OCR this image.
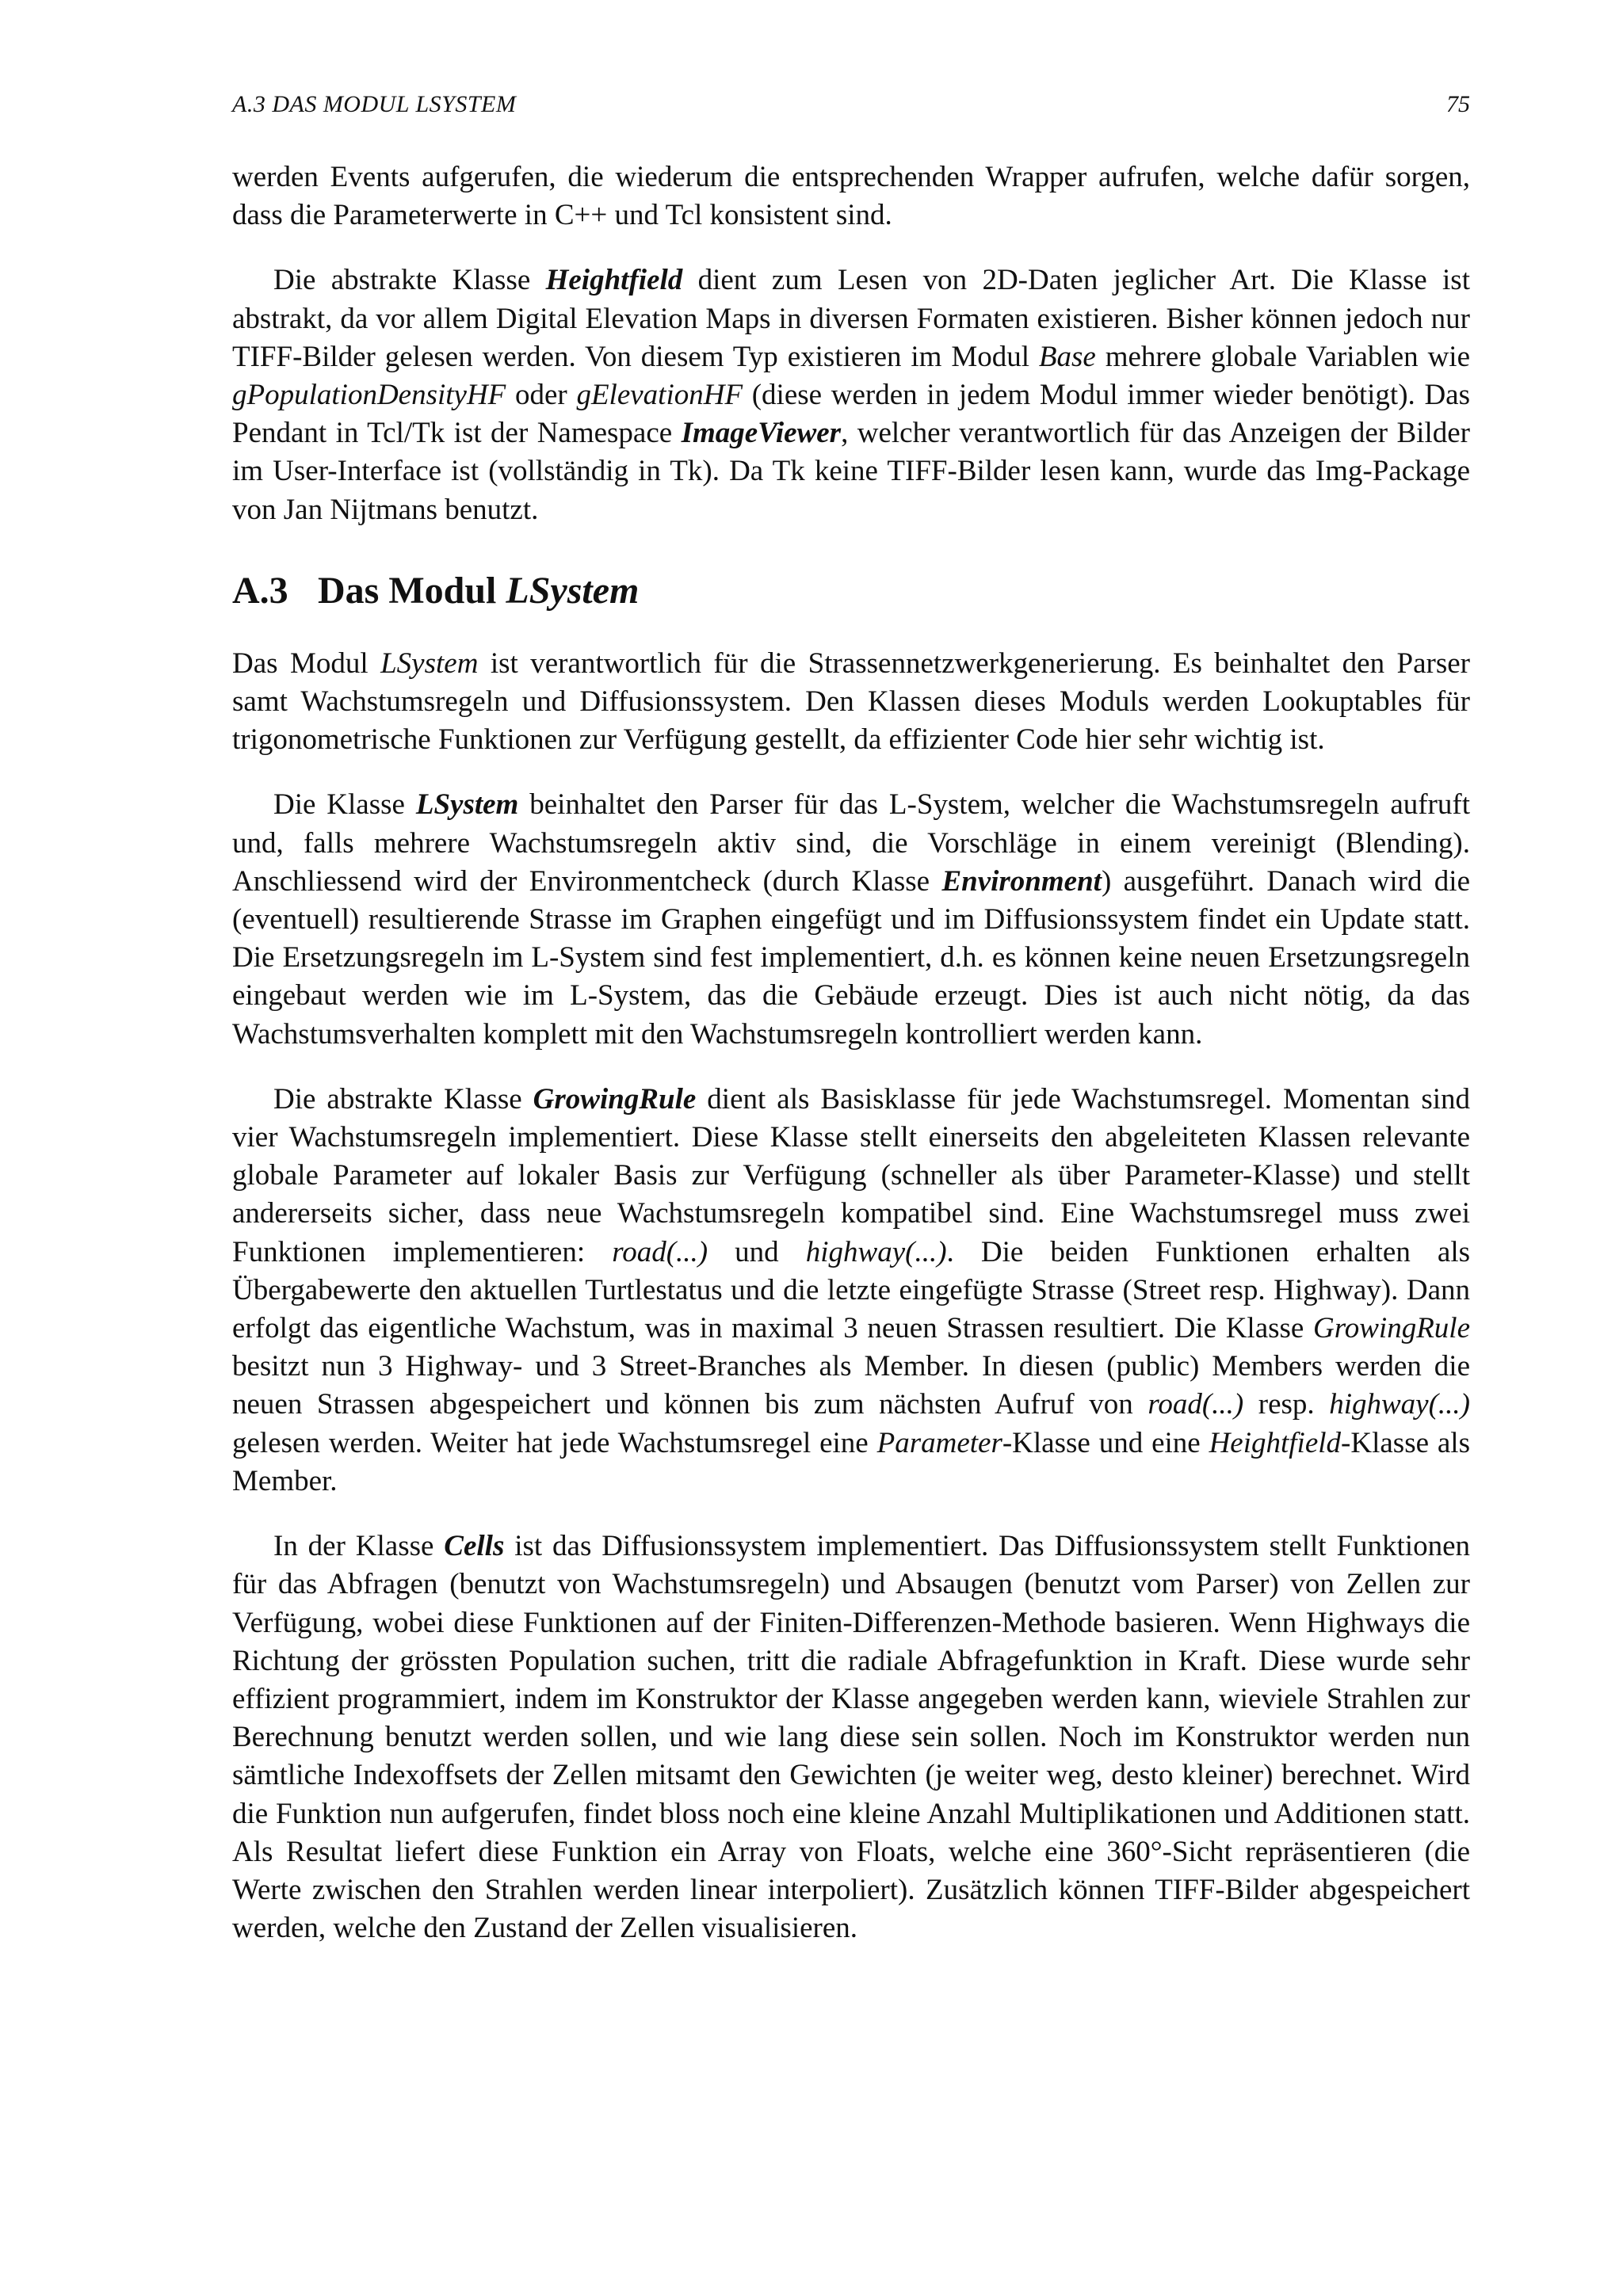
A.3 DAS MODUL LSYSTEM	75

werden Events aufgerufen, die wiederum die entsprechenden Wrapper aufrufen, welche dafür sorgen, dass die Parameterwerte in C++ und Tcl konsistent sind.

Die abstrakte Klasse Heightfield dient zum Lesen von 2D-Daten jeglicher Art. Die Klasse ist abstrakt, da vor allem Digital Elevation Maps in diversen Formaten existieren. Bisher können jedoch nur TIFF-Bilder gelesen werden. Von diesem Typ existieren im Modul Base mehrere globale Variablen wie gPopulationDensityHF oder gElevationHF (diese werden in jedem Modul immer wieder benötigt). Das Pendant in Tcl/Tk ist der Namespace ImageViewer, welcher verantwortlich für das Anzeigen der Bilder im User-Interface ist (vollständig in Tk). Da Tk keine TIFF-Bilder lesen kann, wurde das Img-Package von Jan Nijtmans benutzt.

A.3 Das Modul LSystem

Das Modul LSystem ist verantwortlich für die Strassennetzwerkgenerierung. Es beinhaltet den Parser samt Wachstumsregeln und Diffusionssystem. Den Klassen dieses Moduls werden Lookuptables für trigonometrische Funktionen zur Verfügung gestellt, da effizienter Code hier sehr wichtig ist.

Die Klasse LSystem beinhaltet den Parser für das L-System, welcher die Wachstumsregeln aufruft und, falls mehrere Wachstumsregeln aktiv sind, die Vorschläge in einem vereinigt (Blending). Anschliessend wird der Environmentcheck (durch Klasse Environment) ausgeführt. Danach wird die (eventuell) resultierende Strasse im Graphen eingefügt und im Diffusionssystem findet ein Update statt. Die Ersetzungsregeln im L-System sind fest implementiert, d.h. es können keine neuen Ersetzungsregeln eingebaut werden wie im L-System, das die Gebäude erzeugt. Dies ist auch nicht nötig, da das Wachstumsverhalten komplett mit den Wachstumsregeln kontrolliert werden kann.

Die abstrakte Klasse GrowingRule dient als Basisklasse für jede Wachstumsregel. Momentan sind vier Wachstumsregeln implementiert. Diese Klasse stellt einerseits den abgeleiteten Klassen relevante globale Parameter auf lokaler Basis zur Verfügung (schneller als über Parameter-Klasse) und stellt andererseits sicher, dass neue Wachstumsregeln kompatibel sind. Eine Wachstumsregel muss zwei Funktionen implementieren: road(...) und highway(...). Die beiden Funktionen erhalten als Übergabewerte den aktuellen Turtlestatus und die letzte eingefügte Strasse (Street resp. Highway). Dann erfolgt das eigentliche Wachstum, was in maximal 3 neuen Strassen resultiert. Die Klasse GrowingRule besitzt nun 3 Highway- und 3 Street-Branches als Member. In diesen (public) Members werden die neuen Strassen abgespeichert und können bis zum nächsten Aufruf von road(...) resp. highway(...) gelesen werden. Weiter hat jede Wachstumsregel eine Parameter-Klasse und eine Heightfield-Klasse als Member.

In der Klasse Cells ist das Diffusionssystem implementiert. Das Diffusionssystem stellt Funktionen für das Abfragen (benutzt von Wachstumsregeln) und Absaugen (benutzt vom Parser) von Zellen zur Verfügung, wobei diese Funktionen auf der Finiten-Differenzen-Methode basieren. Wenn Highways die Richtung der grössten Population suchen, tritt die radiale Abfragefunktion in Kraft. Diese wurde sehr effizient programmiert, indem im Konstruktor der Klasse angegeben werden kann, wieviele Strahlen zur Berechnung benutzt werden sollen, und wie lang diese sein sollen. Noch im Konstruktor werden nun sämtliche Indexoffsets der Zellen mitsamt den Gewichten (je weiter weg, desto kleiner) berechnet. Wird die Funktion nun aufgerufen, findet bloss noch eine kleine Anzahl Multiplikationen und Additionen statt. Als Resultat liefert diese Funktion ein Array von Floats, welche eine 360°-Sicht repräsentieren (die Werte zwischen den Strahlen werden linear interpoliert). Zusätzlich können TIFF-Bilder abgespeichert werden, welche den Zustand der Zellen visualisieren.
